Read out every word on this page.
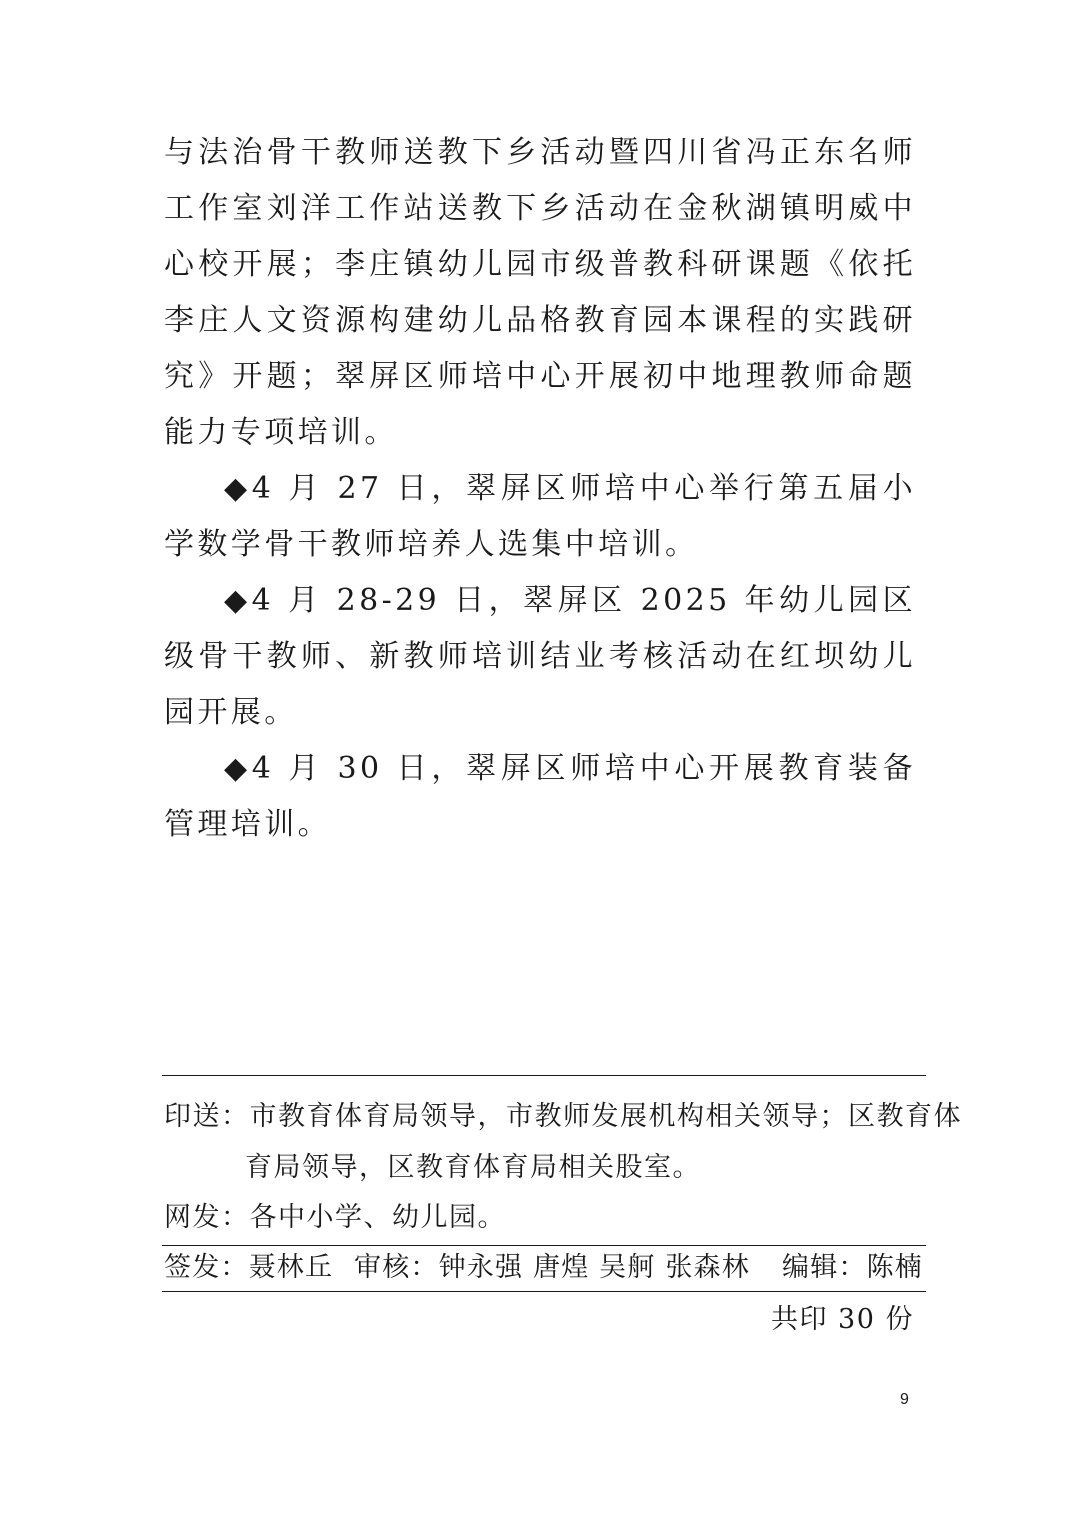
与法治骨干教师送教下乡活动暨四川省冯正东名师工作室刘洋工作站送教下乡活动在金秋湖镇明威中心校开展；李庄镇幼儿园市级普教科研课题《依托李庄人文资源构建幼儿品格教育园本课程的实践研究》开题；翠屏区师培中心开展初中地理教师命题能力专项培训。

◆4 月 27 日，翠屏区师培中心举行第五届小学数学骨干教师培养人选集中培训。

◆4 月 28-29 日，翠屏区 2025 年幼儿园区级骨干教师、新教师培训结业考核活动在红坝幼儿园开展。

◆4 月 30 日，翠屏区师培中心开展教育装备管理培训。

印送：市教育体育局领导，市教师发展机构相关领导；区教育体
育局领导，区教育体育局相关股室。
网发：各中小学、幼儿园。
签发：聂林丘 审核：钟永强 唐煌 吴舸 张森林 编辑：陈楠
共印 30 份
9
